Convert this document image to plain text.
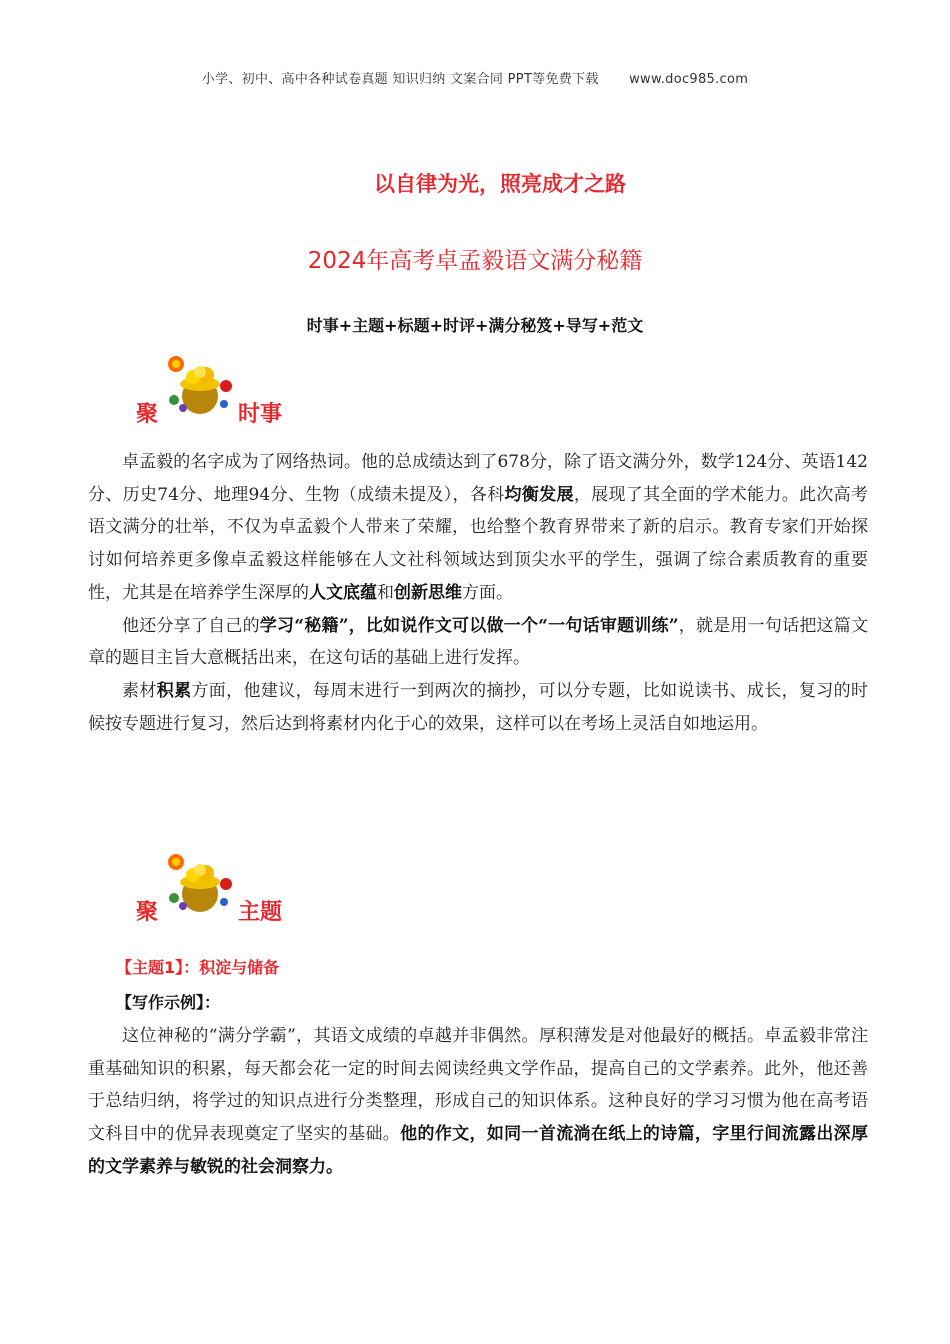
小学、初中、高中各种试卷真题 知识归纳 文案合同 PPT等免费下载 www.doc985.com
以自律为光，照亮成才之路
2024年高考卓孟毅语文满分秘籍
时事+主题+标题+时评+满分秘笈+导写+范文
聚	时事

卓孟毅的名字成为了网络热词。他的总成绩达到了678分，除了语文满分外，数学124分、英语142分、历史74分、地理94分、生物（成绩未提及），各科均衡发展，展现了其全面的学术能力。此次高考语文满分的壮举，不仅为卓孟毅个人带来了荣耀，也给整个教育界带来了新的启示。教育专家们开始探讨如何培养更多像卓孟毅这样能够在人文社科领域达到顶尖水平的学生，强调了综合素质教育的重要性，尤其是在培养学生深厚的人文底蕴和创新思维方面。

他还分享了自己的学习“秘籍”，比如说作文可以做一个“一句话审题训练”，就是用一句话把这篇文章的题目主旨大意概括出来，在这句话的基础上进行发挥。

素材积累方面，他建议，每周末进行一到两次的摘抄，可以分专题，比如说读书、成长，复习的时候按专题进行复习，然后达到将素材内化于心的效果，这样可以在考场上灵活自如地运用。

聚	主题
【主题1】：积淀与储备
【写作示例】：

这位神秘的“满分学霸”，其语文成绩的卓越并非偶然。厚积薄发是对他最好的概括。卓孟毅非常注重基础知识的积累，每天都会花一定的时间去阅读经典文学作品，提高自己的文学素养。此外，他还善于总结归纳，将学过的知识点进行分类整理，形成自己的知识体系。这种良好的学习习惯为他在高考语文科目中的优异表现奠定了坚实的基础。他的作文，如同一首流淌在纸上的诗篇，字里行间流露出深厚的文学素养与敏锐的社会洞察力。
